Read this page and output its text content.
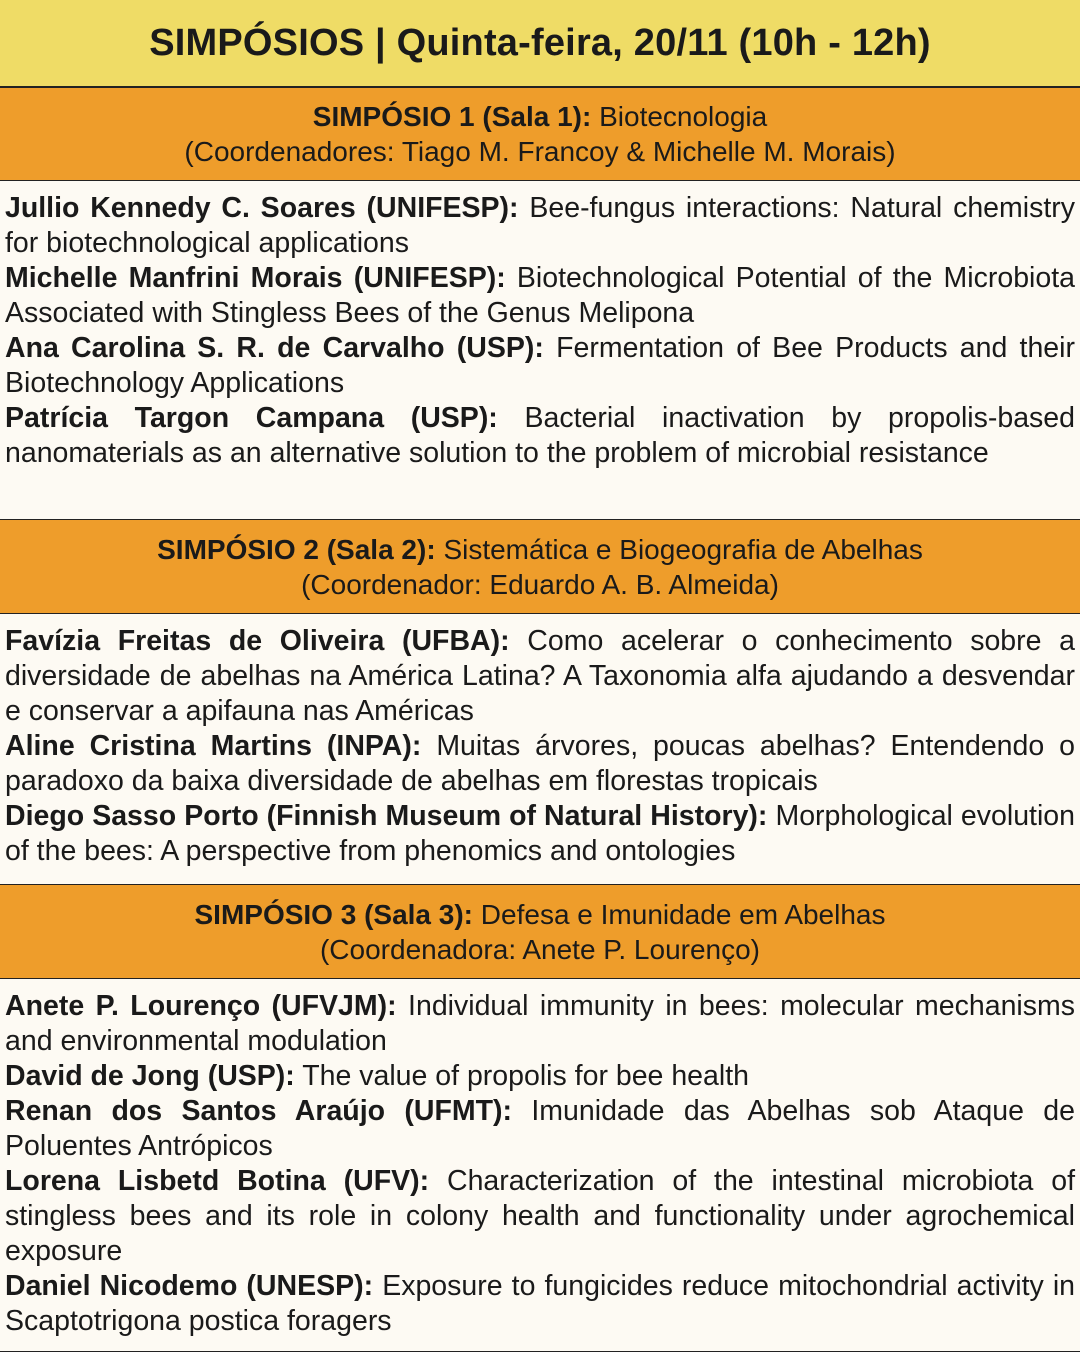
SIMPÓSIOS | Quinta-feira, 20/11 (10h - 12h)
SIMPÓSIO 1 (Sala 1): Biotecnologia
(Coordenadores: Tiago M. Francoy & Michelle M. Morais)

Jullio Kennedy C. Soares (UNIFESP): Bee-fungus interactions: Natural chemistry for biotechnological applications

Michelle Manfrini Morais (UNIFESP): Biotechnological Potential of the Microbiota Associated with Stingless Bees of the Genus Melipona

Ana Carolina S. R. de Carvalho (USP): Fermentation of Bee Products and their Biotechnology Applications

Patrícia Targon Campana (USP): Bacterial inactivation by propolis-based nanomaterials as an alternative solution to the problem of microbial resistance

SIMPÓSIO 2 (Sala 2): Sistemática e Biogeografia de Abelhas
(Coordenador: Eduardo A. B. Almeida)

Favízia Freitas de Oliveira (UFBA): Como acelerar o conhecimento sobre a diversidade de abelhas na América Latina? A Taxonomia alfa ajudando a desvendar e conservar a apifauna nas Américas

Aline Cristina Martins (INPA): Muitas árvores, poucas abelhas? Entendendo o paradoxo da baixa diversidade de abelhas em florestas tropicais

Diego Sasso Porto (Finnish Museum of Natural History): Morphological evolution of the bees: A perspective from phenomics and ontologies

SIMPÓSIO 3 (Sala 3): Defesa e Imunidade em Abelhas
(Coordenadora: Anete P. Lourenço)

Anete P. Lourenço (UFVJM): Individual immunity in bees: molecular mechanisms and environmental modulation

David de Jong (USP): The value of propolis for bee health

Renan dos Santos Araújo (UFMT): Imunidade das Abelhas sob Ataque de Poluentes Antrópicos

Lorena Lisbetd Botina (UFV): Characterization of the intestinal microbiota of stingless bees and its role in colony health and functionality under agrochemical exposure

Daniel Nicodemo (UNESP): Exposure to fungicides reduce mitochondrial activity in Scaptotrigona postica foragers
